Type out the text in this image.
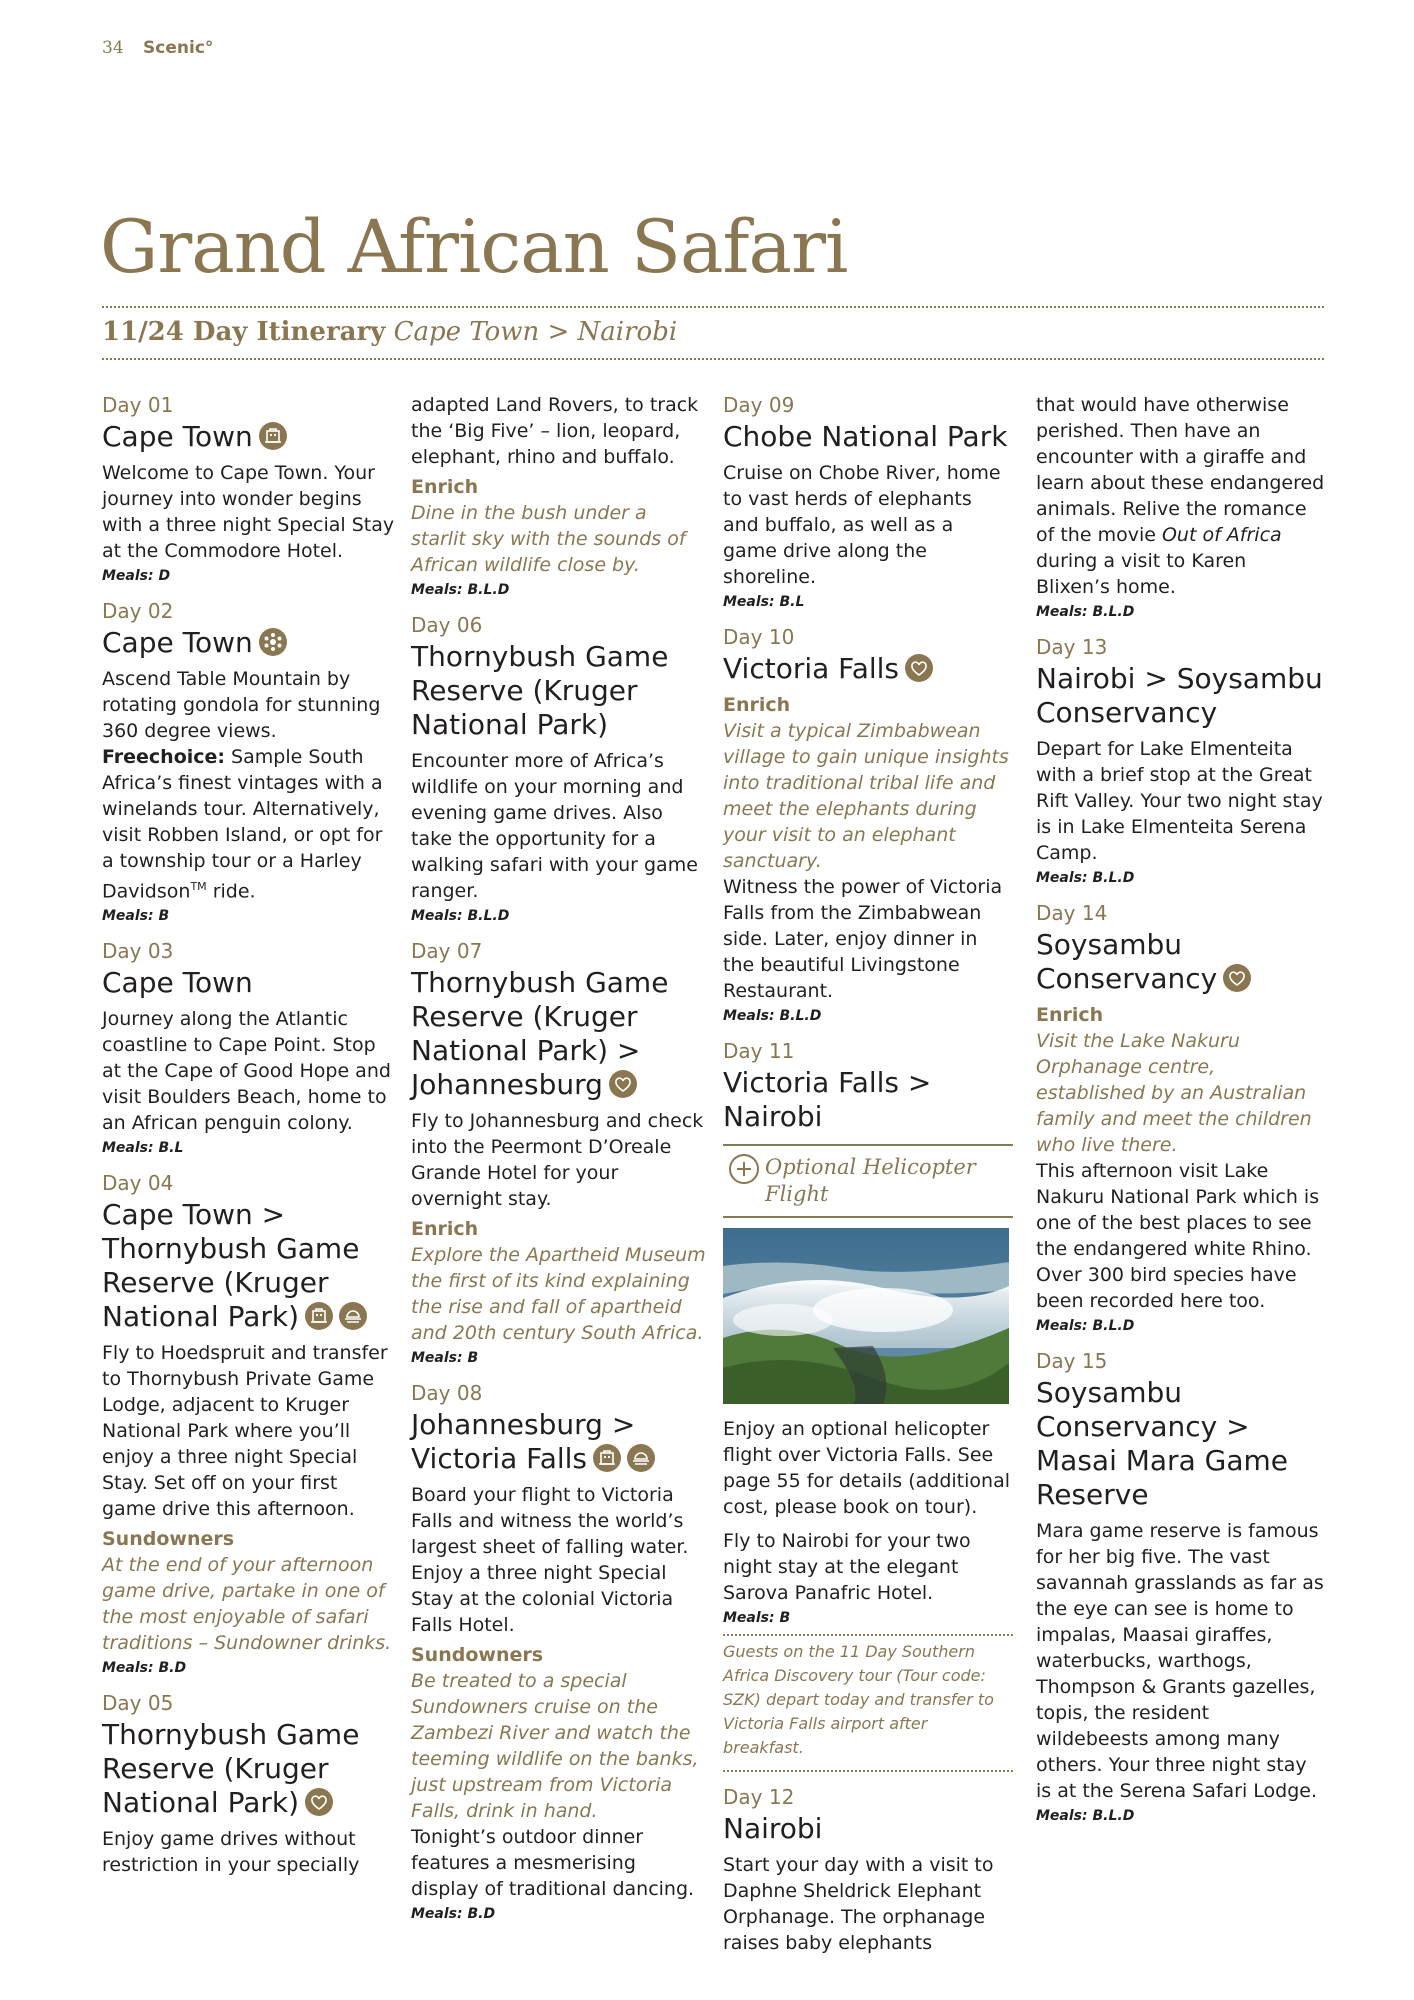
34 Scenic°
Grand African Safari
11/24 Day Itinerary Cape Town > Nairobi
Day 01
Cape Town

Welcome to Cape Town. Your journey into wonder begins with a three night Special Stay at the Commodore Hotel.

Meals: D
Day 02
Cape Town

Ascend Table Mountain by rotating gondola for stunning 360 degree views. Freechoice: Sample South Africa’s finest vintages with a winelands tour. Alternatively, visit Robben Island, or opt for a township tour or a Harley Davidson™ ride.

Meals: B
Day 03
Cape Town

Journey along the Atlantic coastline to Cape Point. Stop at the Cape of Good Hope and visit Boulders Beach, home to an African penguin colony.

Meals: B.L
Day 04
Cape Town > Thornybush Game Reserve (Kruger National Park)

Fly to Hoedspruit and transfer to Thornybush Private Game Lodge, adjacent to Kruger National Park where you’ll enjoy a three night Special Stay. Set off on your first game drive this afternoon.

Sundowners

At the end of your afternoon game drive, partake in one of the most enjoyable of safari traditions – Sundowner drinks.

Meals: B.D
Day 05
Thornybush Game Reserve (Kruger National Park)

Enjoy game drives without restriction in your specially

adapted Land Rovers, to track the ‘Big Five’ – lion, leopard, elephant, rhino and buffalo.

Enrich

Dine in the bush under a starlit sky with the sounds of African wildlife close by.

Meals: B.L.D
Day 06
Thornybush Game Reserve (Kruger National Park)

Encounter more of Africa’s wildlife on your morning and evening game drives. Also take the opportunity for a walking safari with your game ranger.

Meals: B.L.D
Day 07
Thornybush Game Reserve (Kruger National Park) > Johannesburg

Fly to Johannesburg and check into the Peermont D’Oreale Grande Hotel for your overnight stay.

Enrich

Explore the Apartheid Museum the first of its kind explaining the rise and fall of apartheid and 20th century South Africa.

Meals: B
Day 08
Johannesburg > Victoria Falls

Board your flight to Victoria Falls and witness the world’s largest sheet of falling water. Enjoy a three night Special Stay at the colonial Victoria Falls Hotel.

Sundowners

Be treated to a special Sundowners cruise on the Zambezi River and watch the teeming wildlife on the banks, just upstream from Victoria Falls, drink in hand.

Tonight’s outdoor dinner features a mesmerising display of traditional dancing.

Meals: B.D
Day 09
Chobe National Park

Cruise on Chobe River, home to vast herds of elephants and buffalo, as well as a game drive along the shoreline.

Meals: B.L
Day 10
Victoria Falls
Enrich

Visit a typical Zimbabwean village to gain unique insights into traditional tribal life and meet the elephants during your visit to an elephant sanctuary.

Witness the power of Victoria Falls from the Zimbabwean side. Later, enjoy dinner in the beautiful Livingstone Restaurant.

Meals: B.L.D
Day 11
Victoria Falls > Nairobi
Optional Helicopter Flight

Enjoy an optional helicopter flight over Victoria Falls. See page 55 for details (additional cost, please book on tour).

Fly to Nairobi for your two night stay at the elegant Sarova Panafric Hotel.

Meals: B

Guests on the 11 Day Southern Africa Discovery tour (Tour code: SZK) depart today and transfer to Victoria Falls airport after breakfast.

Day 12
Nairobi

Start your day with a visit to Daphne Sheldrick Elephant Orphanage. The orphanage raises baby elephants

that would have otherwise perished. Then have an encounter with a giraffe and learn about these endangered animals. Relive the romance of the movie Out of Africa during a visit to Karen Blixen’s home.

Meals: B.L.D
Day 13
Nairobi > Soysambu Conservancy

Depart for Lake Elmenteita with a brief stop at the Great Rift Valley. Your two night stay is in Lake Elmenteita Serena Camp.

Meals: B.L.D
Day 14
Soysambu Conservancy
Enrich

Visit the Lake Nakuru Orphanage centre, established by an Australian family and meet the children who live there.

This afternoon visit Lake Nakuru National Park which is one of the best places to see the endangered white Rhino. Over 300 bird species have been recorded here too.

Meals: B.L.D
Day 15
Soysambu Conservancy > Masai Mara Game Reserve

Mara game reserve is famous for her big five. The vast savannah grasslands as far as the eye can see is home to impalas, Maasai giraffes, waterbucks, warthogs, Thompson & Grants gazelles, topis, the resident wildebeests among many others. Your three night stay is at the Serena Safari Lodge.

Meals: B.L.D
